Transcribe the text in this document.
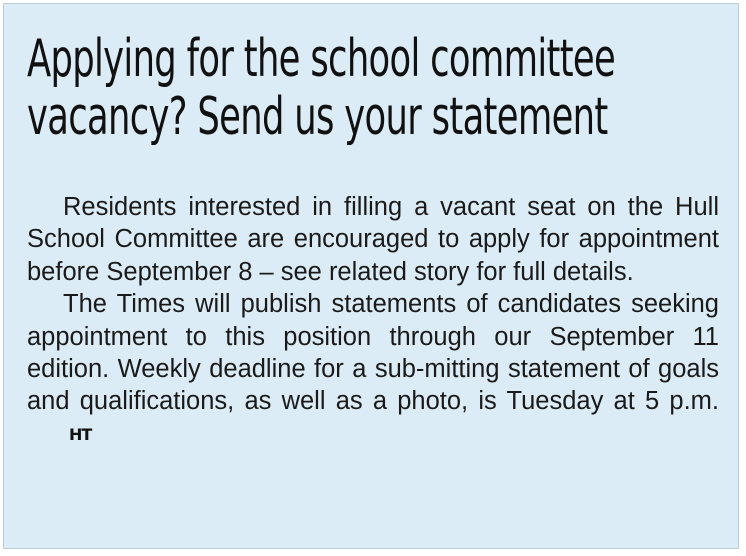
Applying for the school committee
vacancy? Send us your statement

Residents interested in filling a vacant seat on the Hull School Committee are encouraged to apply for appointment before September 8 – see related story for full details.

The Times will publish statements of candidates seeking appointment to this position through our September 11 edition. Weekly deadline for a sub-mitting statement of goals and qualifications, as well as a photo, is Tuesday at 5 p.m.HT
